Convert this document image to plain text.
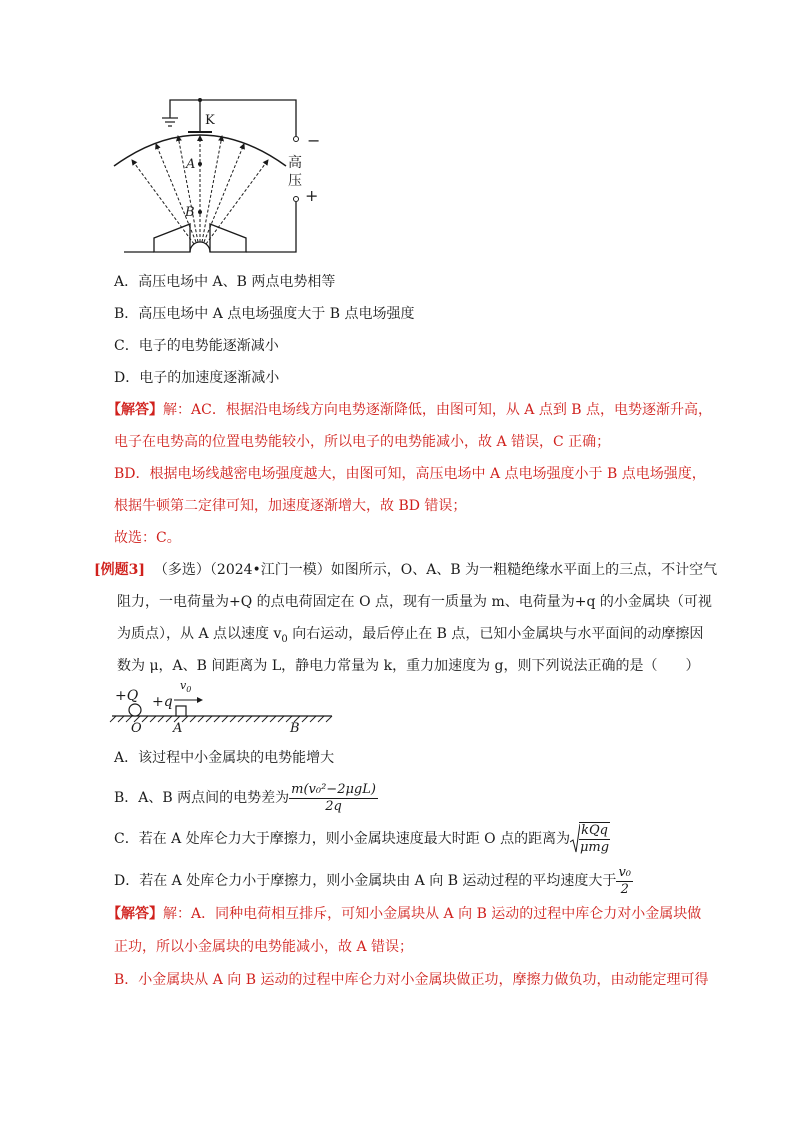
K
A
B
−
+
高
压
A．高压电场中 A、B 两点电势相等
B．高压电场中 A 点电场强度大于 B 点电场强度
C．电子的电势能逐渐减小
D．电子的加速度逐渐减小
【解答】解：AC．根据沿电场线方向电势逐渐降低，由图可知，从 A 点到 B 点，电势逐渐升高，
电子在电势高的位置电势能较小，所以电子的电势能减小，故 A 错误，C 正确；
BD．根据电场线越密电场强度越大，由图可知，高压电场中 A 点电场强度小于 B 点电场强度，
根据牛顿第二定律可知，加速度逐渐增大，故 BD 错误；
故选：C。
[例题3] （多选）（2024•江门一模）如图所示，O、A、B 为一粗糙绝缘水平面上的三点，不计空气
阻力，一电荷量为+Q 的点电荷固定在 O 点，现有一质量为 m、电荷量为+q 的小金属块（可视
为质点），从 A 点以速度 $v_0$ 向右运动，最后停止在 B 点，已知小金属块与水平面间的动摩擦因
数为 μ，A、B 间距离为 L，静电力常量为 k，重力加速度为 g，则下列说法正确的是（　　）
+Q +q
$v_0$
O A	B
A．该过程中小金属块的电势能增大
B．A、B 两点间的电势差为 $\frac{\text{m(v₀²−2μgL)}}{2q}$
C．若在 A 处库仑力大于摩擦力，则小金属块速度最大时距 O 点的距离为 $\frac{\text{kQq}}{\text{μmg}}$
D．若在 A 处库仑力小于摩擦力，则小金属块由 A 向 B 运动过程的平均速度大于 $\frac{\text{v₀}}{2}$
【解答】解：A．同种电荷相互排斥，可知小金属块从 A 向 B 运动的过程中库仑力对小金属块做
正功，所以小金属块的电势能减小，故 A 错误；
B．小金属块从 A 向 B 运动的过程中库仑力对小金属块做正功，摩擦力做负功，由动能定理可得
